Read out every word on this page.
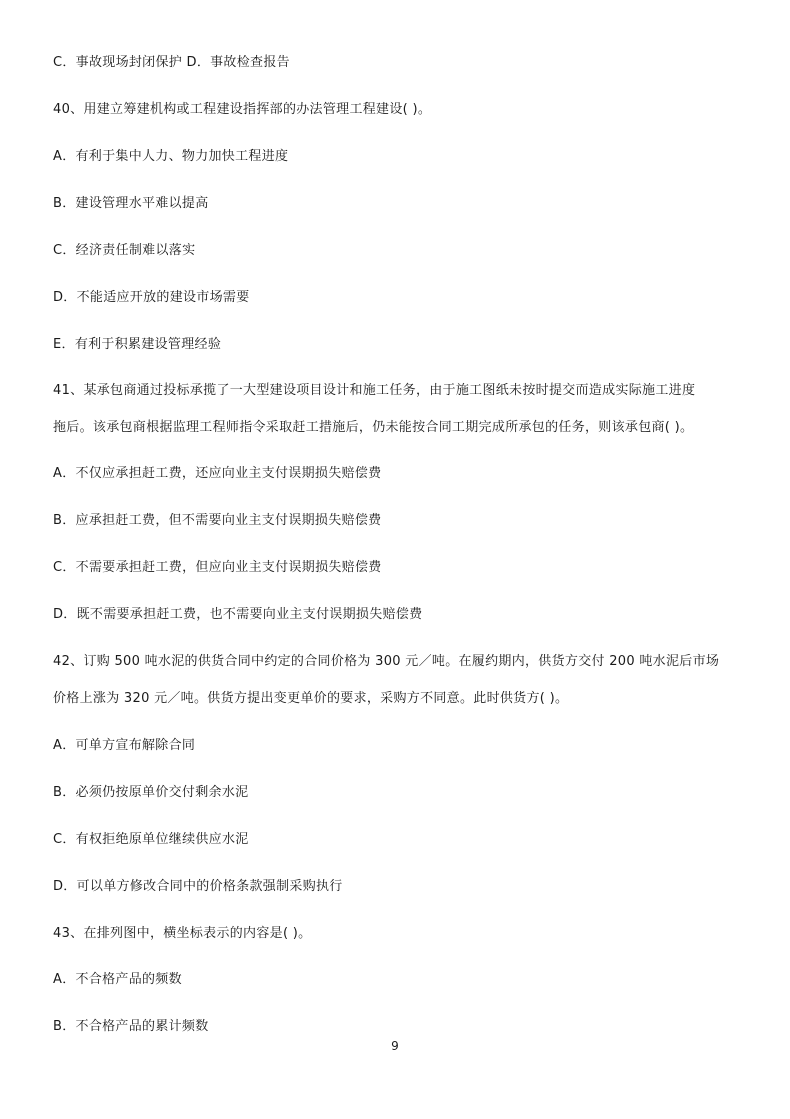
C．事故现场封闭保护 D．事故检查报告
40、用建立筹建机构或工程建设指挥部的办法管理工程建设( )。
A．有利于集中人力、物力加快工程进度
B．建设管理水平难以提高
C．经济责任制难以落实
D．不能适应开放的建设市场需要
E．有利于积累建设管理经验
41、某承包商通过投标承揽了一大型建设项目设计和施工任务，由于施工图纸未按时提交而造成实际施工进度
拖后。该承包商根据监理工程师指令采取赶工措施后，仍未能按合同工期完成所承包的任务，则该承包商( )。
A．不仅应承担赶工费，还应向业主支付误期损失赔偿费
B．应承担赶工费，但不需要向业主支付误期损失赔偿费
C．不需要承担赶工费，但应向业主支付误期损失赔偿费
D．既不需要承担赶工费，也不需要向业主支付误期损失赔偿费
42、订购 500 吨水泥的供货合同中约定的合同价格为 300 元／吨。在履约期内，供货方交付 200 吨水泥后市场
价格上涨为 320 元／吨。供货方提出变更单价的要求，采购方不同意。此时供货方( )。
A．可单方宣布解除合同
B．必须仍按原单价交付剩余水泥
C．有权拒绝原单位继续供应水泥
D．可以单方修改合同中的价格条款强制采购执行
43、在排列图中，横坐标表示的内容是( )。
A．不合格产品的频数
B．不合格产品的累计频数
9
